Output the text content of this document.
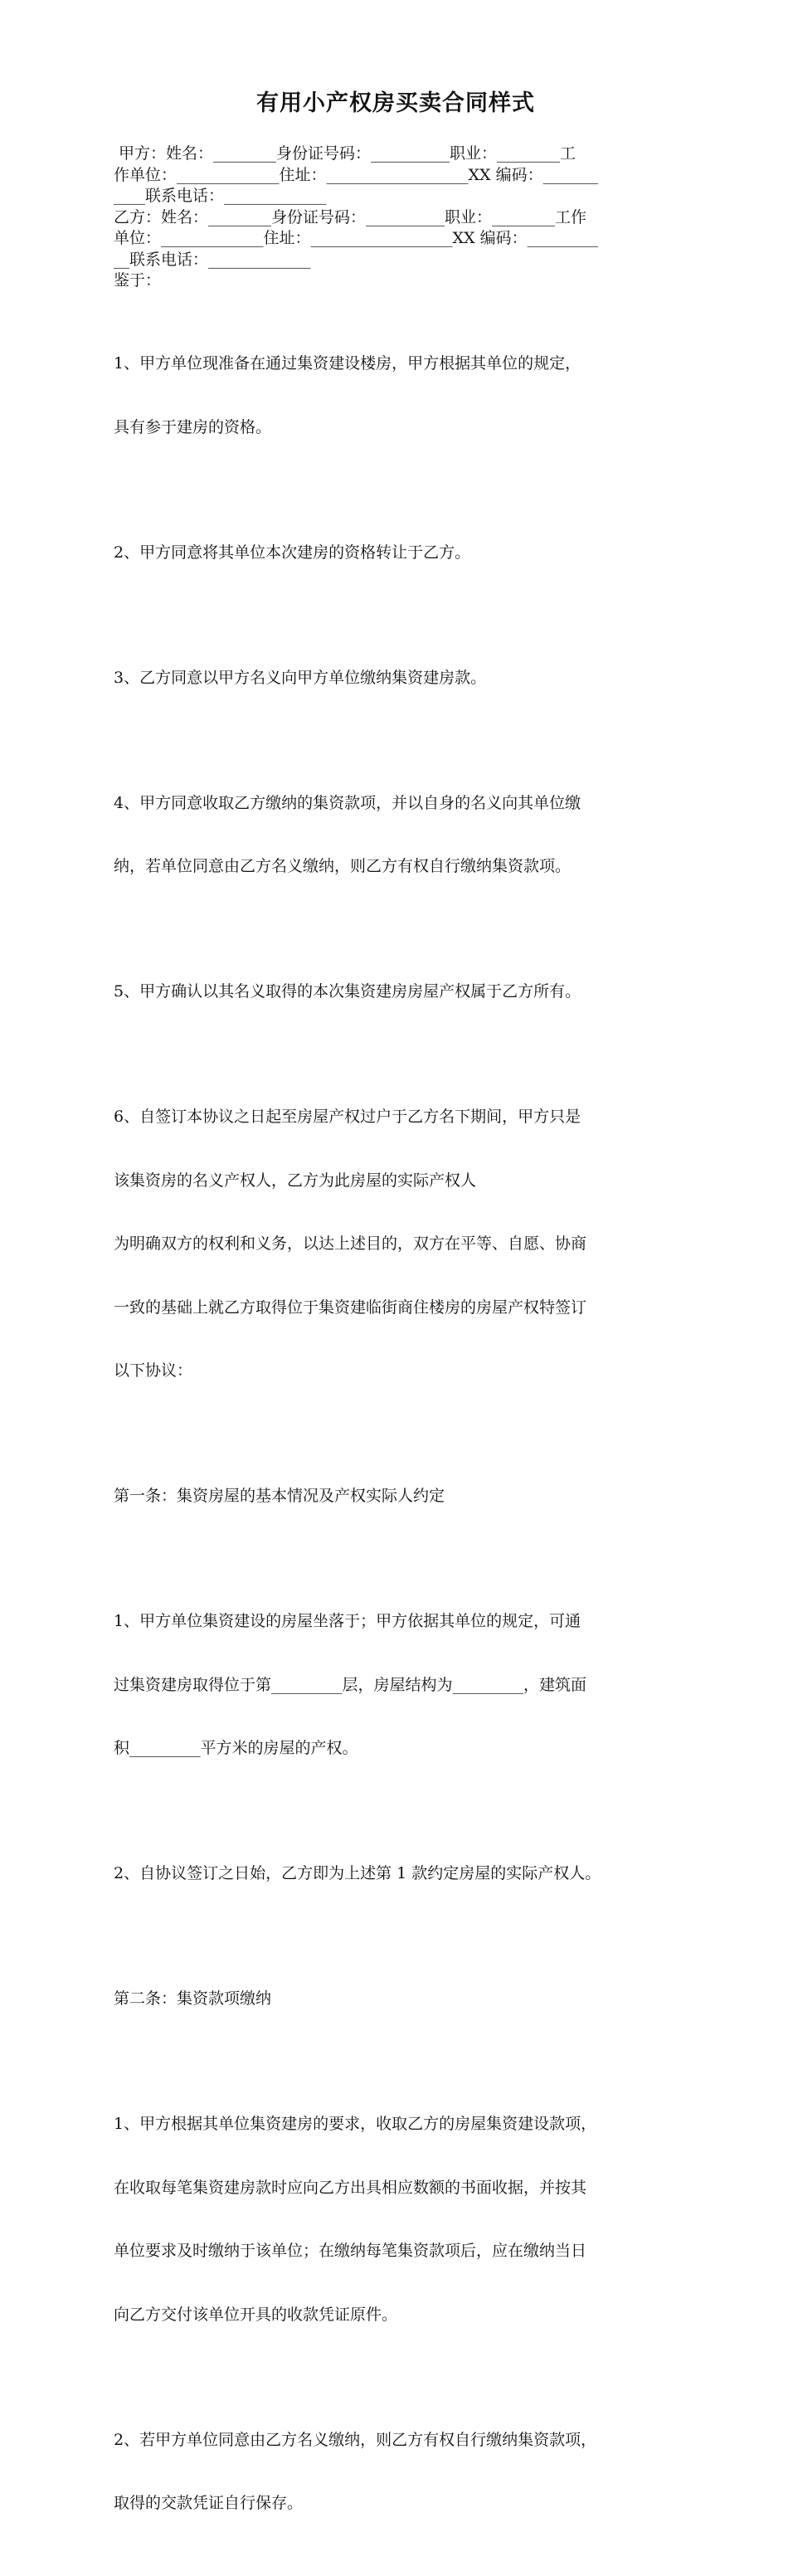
有用小产权房买卖合同样式
甲方：姓名：________身份证号码：__________职业：________工
作单位：_____________住址：__________________XX 编码：_______
____联系电话：_____________
乙方：姓名：________身份证号码：__________职业：________工作
单位：_____________住址：__________________XX 编码：_________
__联系电话：_____________
鉴于：

1、甲方单位现准备在通过集资建设楼房，甲方根据其单位的规定，

具有参于建房的资格。

2、甲方同意将其单位本次建房的资格转让于乙方。

3、乙方同意以甲方名义向甲方单位缴纳集资建房款。

4、甲方同意收取乙方缴纳的集资款项，并以自身的名义向其单位缴

纳，若单位同意由乙方名义缴纳，则乙方有权自行缴纳集资款项。

5、甲方确认以其名义取得的本次集资建房房屋产权属于乙方所有。

6、自签订本协议之日起至房屋产权过户于乙方名下期间，甲方只是

该集资房的名义产权人，乙方为此房屋的实际产权人

为明确双方的权利和义务，以达上述目的，双方在平等、自愿、协商

一致的基础上就乙方取得位于集资建临街商住楼房的房屋产权特签订

以下协议：

第一条：集资房屋的基本情况及产权实际人约定

1、甲方单位集资建设的房屋坐落于；甲方依据其单位的规定，可通

过集资建房取得位于第_________层，房屋结构为_________，建筑面

积_________平方米的房屋的产权。

2、自协议签订之日始，乙方即为上述第 1 款约定房屋的实际产权人。

第二条：集资款项缴纳

1、甲方根据其单位集资建房的要求，收取乙方的房屋集资建设款项，

在收取每笔集资建房款时应向乙方出具相应数额的书面收据，并按其

单位要求及时缴纳于该单位；在缴纳每笔集资款项后，应在缴纳当日

向乙方交付该单位开具的收款凭证原件。

2、若甲方单位同意由乙方名义缴纳，则乙方有权自行缴纳集资款项，

取得的交款凭证自行保存。
